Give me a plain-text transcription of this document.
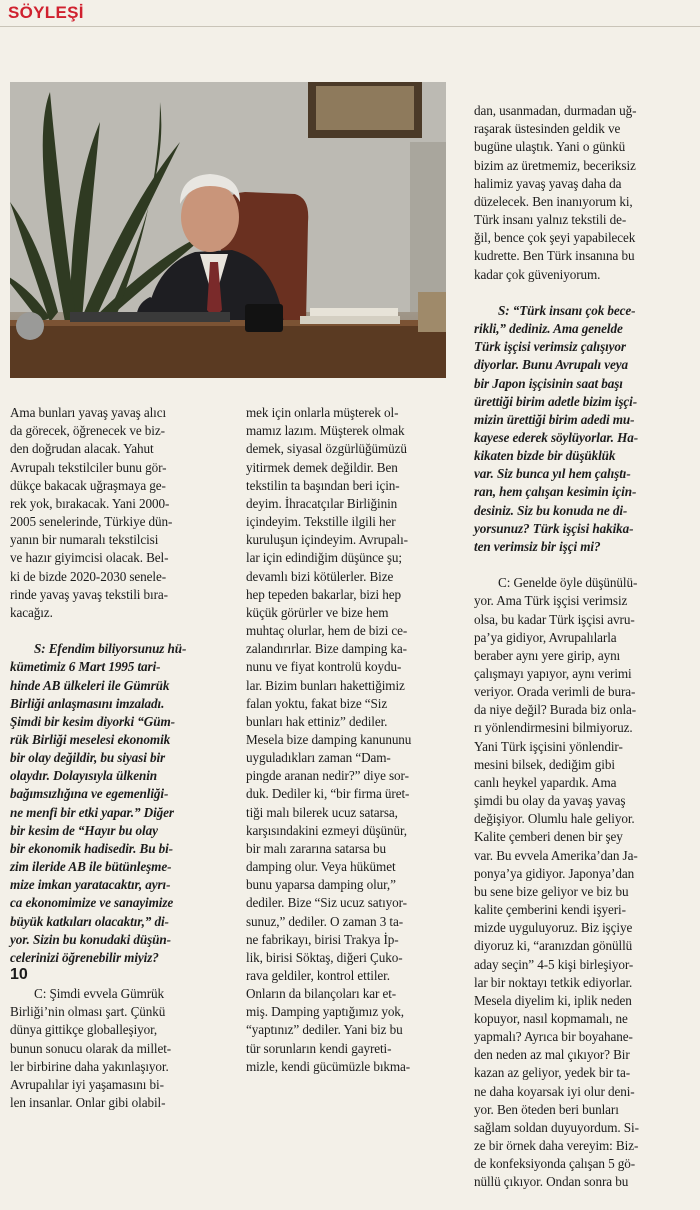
SÖYLEŞİ

Ama bunları yavaş yavaş alıcı
da görecek, öğrenecek ve biz-
den doğrudan alacak. Yahut
Avrupalı tekstilciler bunu gör-
dükçe bakacak uğraşmaya ge-
rek yok, bırakacak. Yani 2000-
2005 senelerinde, Türkiye dün-
yanın bir numaralı tekstilcisi
ve hazır giyimcisi olacak. Bel-
ki de bizde 2020-2030 senele-
rinde yavaş yavaş tekstili bıra-
kacağız.

S: Efendim biliyorsunuz hü-
kümetimiz 6 Mart 1995 tari-
hinde AB ülkeleri ile Gümrük
Birliği anlaşmasını imzaladı.
Şimdi bir kesim diyorki “Güm-
rük Birliği meselesi ekonomik
bir olay değildir, bu siyasi bir
olaydır. Dolayısıyla ülkenin
bağımsızlığına ve egemenliği-
ne menfi bir etki yapar.” Diğer
bir kesim de “Hayır bu olay
bir ekonomik hadisedir. Bu bi-
zim ileride AB ile bütünleşme-
mize imkan yaratacaktır, ayrı-
ca ekonomimize ve sanayimize
büyük katkıları olacaktır,” di-
yor. Sizin bu konudaki düşün-
celerinizi öğrenebilir miyiz?

C: Şimdi evvela Gümrük
Birliği’nin olması şart. Çünkü
dünya gittikçe globalleşiyor,
bunun sonucu olarak da millet-
ler birbirine daha yakınlaşıyor.
Avrupalılar iyi yaşamasını bi-
len insanlar. Onlar gibi olabil-

mek için onlarla müşterek ol-
mamız lazım. Müşterek olmak
demek, siyasal özgürlüğümüzü
yitirmek demek değildir. Ben
tekstilin ta başından beri için-
deyim. İhracatçılar Birliğinin
içindeyim. Tekstille ilgili her
kuruluşun içindeyim. Avrupalı-
lar için edindiğim düşünce şu;
devamlı bizi kötülerler. Bize
hep tepeden bakarlar, bizi hep
küçük görürler ve bize hem
muhtaç olurlar, hem de bizi ce-
zalandırırlar. Bize damping ka-
nunu ve fiyat kontrolü koydu-
lar. Bizim bunları hakettiğimiz
falan yoktu, fakat bize “Siz
bunları hak ettiniz” dediler.
Mesela bize damping kanununu
uyguladıkları zaman “Dam-
pingde aranan nedir?” diye sor-
duk. Dediler ki, “bir firma üret-
tiği malı bilerek ucuz satarsa,
karşısındakini ezmeyi düşünür,
bir malı zararına satarsa bu
damping olur. Veya hükümet
bunu yaparsa damping olur,”
dediler. Bize “Siz ucuz satıyor-
sunuz,” dediler. O zaman 3 ta-
ne fabrikayı, birisi Trakya İp-
lik, birisi Söktaş, diğeri Çuko-
rava geldiler, kontrol ettiler.
Onların da bilançoları kar et-
miş. Damping yaptığımız yok,
“yaptınız” dediler. Yani biz bu
tür sorunların kendi gayreti-
mizle, kendi gücümüzle bıkma-

dan, usanmadan, durmadan uğ-
raşarak üstesinden geldik ve
bugüne ulaştık. Yani o günkü
bizim az üretmemiz, beceriksiz
halimiz yavaş yavaş daha da
düzelecek. Ben inanıyorum ki,
Türk insanı yalnız tekstili de-
ğil, bence çok şeyi yapabilecek
kudrette. Ben Türk insanına bu
kadar çok güveniyorum.

S: “Türk insanı çok bece-
rikli,” dediniz. Ama genelde
Türk işçisi verimsiz çalışıyor
diyorlar. Bunu Avrupalı veya
bir Japon işçisinin saat başı
ürettiği birim adetle bizim işçi-
mizin ürettiği birim adedi mu-
kayese ederek söylüyorlar. Ha-
kikaten bizde bir düşüklük
var. Siz bunca yıl hem çalıştı-
ran, hem çalışan kesimin için-
desiniz. Siz bu konuda ne di-
yorsunuz? Türk işçisi hakika-
ten verimsiz bir işçi mi?

C: Genelde öyle düşünülü-
yor. Ama Türk işçisi verimsiz
olsa, bu kadar Türk işçisi avru-
pa’ya gidiyor, Avrupalılarla
beraber aynı yere girip, aynı
çalışmayı yapıyor, aynı verimi
veriyor. Orada verimli de bura-
da niye değil? Burada biz onla-
rı yönlendirmesini bilmiyoruz.
Yani Türk işçisini yönlendir-
mesini bilsek, dediğim gibi
canlı heykel yapardık. Ama
şimdi bu olay da yavaş yavaş
değişiyor. Olumlu hale geliyor.
Kalite çemberi denen bir şey
var. Bu evvela Amerika’dan Ja-
ponya’ya gidiyor. Japonya’dan
bu sene bize geliyor ve biz bu
kalite çemberini kendi işyeri-
mizde uyguluyoruz. Biz işçiye
diyoruz ki, “aranızdan gönüllü
aday seçin” 4-5 kişi birleşiyor-
lar bir noktayı tetkik ediyorlar.
Mesela diyelim ki, iplik neden
kopuyor, nasıl kopmamalı, ne
yapmalı? Ayrıca bir boyahane-
den neden az mal çıkıyor? Bir
kazan az geliyor, yedek bir ta-
ne daha koyarsak iyi olur deni-
yor. Ben öteden beri bunları
sağlam soldan duyuyordum. Si-
ze bir örnek daha vereyim: Biz-
de konfeksiyonda çalışan 5 gö-
nüllü çıkıyor. Ondan sonra bu

10
